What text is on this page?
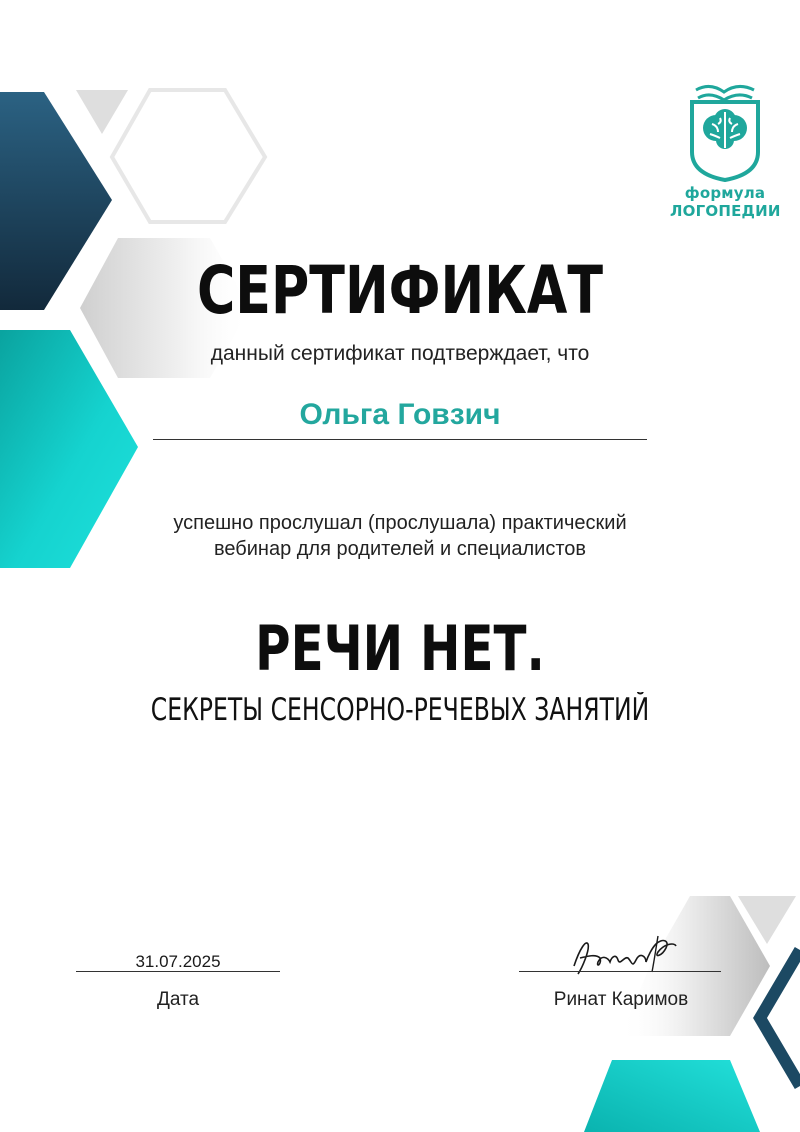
формула
ЛОГОПЕДИИ
СЕРТИФИКАТ
данный сертификат подтверждает, что
Ольга Говзич
успешно прослушал (прослушала) практический
вебинар для родителей и специалистов
РЕЧИ НЕТ.
СЕКРЕТЫ СЕНСОРНО-РЕЧЕВЫХ ЗАНЯТИЙ
31.07.2025
Дата	Ринат Каримов
